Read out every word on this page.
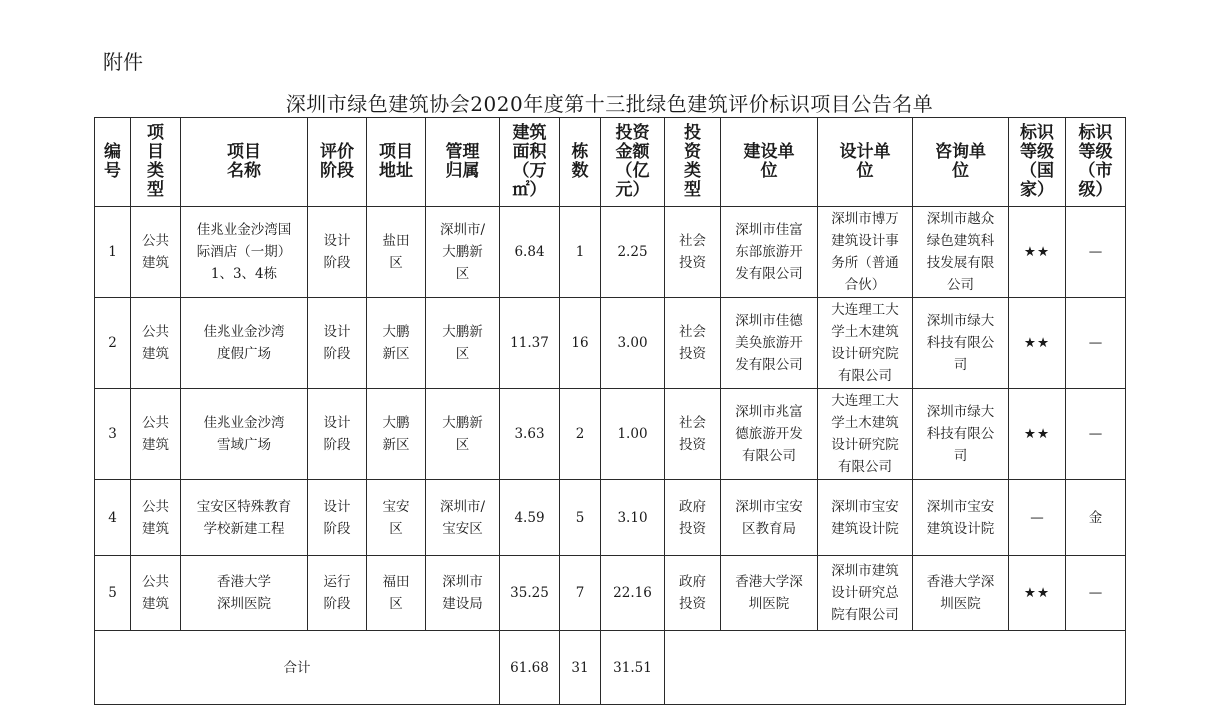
附件
深圳市绿色建筑协会2020年度第十三批绿色建筑评价标识项目公告名单
编号	项目类型	项目名称	评价阶段	项目地址	管理归属	建筑面积（万㎡）	栋数	投资金额（亿元）	投资类型	建设单位	设计单位	咨询单位	标识等级（国家）	标识等级（市级）

1	公共建筑	佳兆业金沙湾国际酒店（一期）1、3、4栋	设计阶段	盐田区	深圳市/大鹏新区	6.84	1	2.25	社会投资	深圳市佳富东部旅游开发有限公司	深圳市博万建筑设计事务所（普通合伙）	深圳市越众绿色建筑科技发展有限公司	★★	—
2	公共建筑	佳兆业金沙湾度假广场	设计阶段	大鹏新区	大鹏新区	11.37	16	3.00	社会投资	深圳市佳德美奂旅游开发有限公司	大连理工大学土木建筑设计研究院有限公司	深圳市绿大科技有限公司	★★	—
3	公共建筑	佳兆业金沙湾雪域广场	设计阶段	大鹏新区	大鹏新区	3.63	2	1.00	社会投资	深圳市兆富德旅游开发有限公司	大连理工大学土木建筑设计研究院有限公司	深圳市绿大科技有限公司	★★	—
4	公共建筑	宝安区特殊教育学校新建工程	设计阶段	宝安区	深圳市/宝安区	4.59	5	3.10	政府投资	深圳市宝安区教育局	深圳市宝安建筑设计院	深圳市宝安建筑设计院	—	金
5	公共建筑	香港大学深圳医院	运行阶段	福田区	深圳市建设局	35.25	7	22.16	政府投资	香港大学深圳医院	深圳市建筑设计研究总院有限公司	香港大学深圳医院	★★	—
合计						61.68	31	31.51						
